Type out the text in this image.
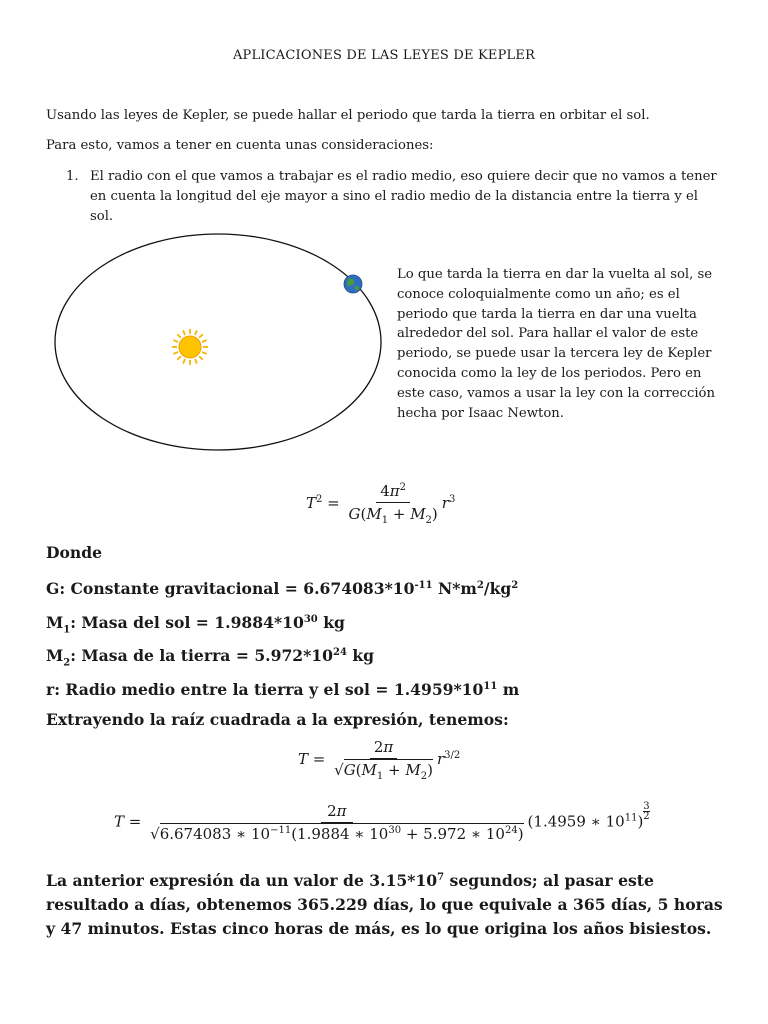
APLICACIONES DE LAS LEYES DE KEPLER
Usando las leyes de Kepler, se puede hallar el periodo que tarda la tierra en orbitar el sol.
Para esto, vamos a tener en cuenta unas consideraciones:
1. El radio con el que vamos a trabajar es el radio medio, eso quiere decir que no vamos a tener en cuenta la longitud del eje mayor a sino el radio medio de la distancia entre la tierra y el sol.
Lo que tarda la tierra en dar la vuelta al sol, se conoce coloquialmente como un año; es el periodo que tarda la tierra en dar una vuelta alrededor del sol. Para hallar el valor de este periodo, se puede usar la tercera ley de Kepler conocida como la ley de los periodos. Pero en este caso, vamos a usar la ley con la corrección hecha por Isaac Newton.
$T^2 = \frac{4\pi^2}{G(M_1 + M_2)} r^3$
Donde
G: Constante gravitacional = $6.674083*10^{-11}$ $N*m^2/kg^2$
$M_1$: Masa del sol = $1.9884*10^{30}$ kg
$M_2$: Masa de la tierra = $5.972*10^{24}$ kg
r: Radio medio entre la tierra y el sol = $1.4959*10^{11}$ m
Extrayendo la raíz cuadrada a la expresión, tenemos:
$T = \frac{2\pi}{√G(M_1 + M_2)} r^{3/2}$
$T = \frac{2\pi}{√6.674083 ∗ 10^{-11}(1.9884 ∗ 10^{30} + 5.972 ∗ 10^{24})} (1.4959$ ∗ $10^{11}$)
$^{\frac{3}{2}}$
La anterior expresión da un valor de $3.15*10^7$ segundos; al pasar este resultado a días, obtenemos 365.229 días, lo que equivale a 365 días, 5 horas y 47 minutos. Estas cinco horas de más, es lo que origina los años bisiestos.
